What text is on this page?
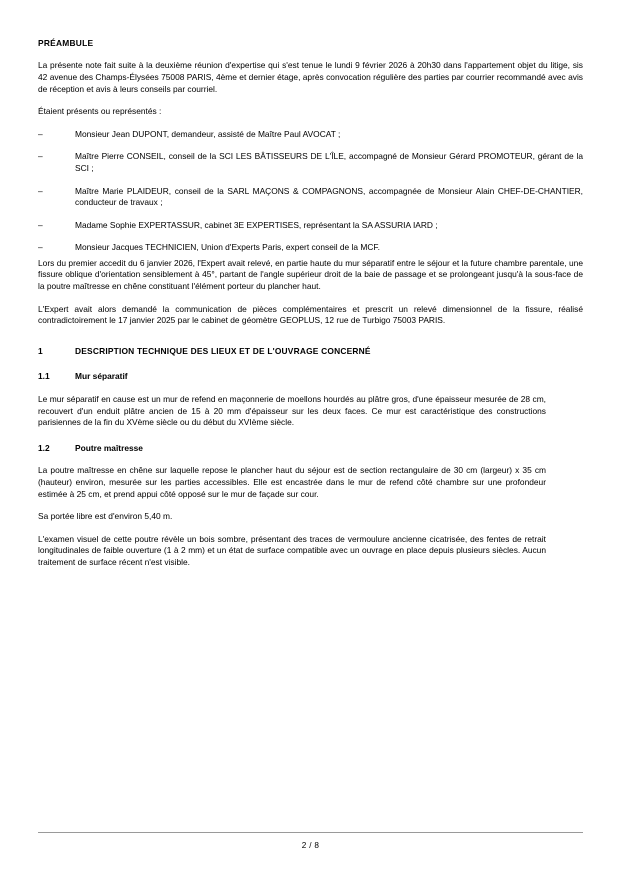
PRÉAMBULE

La présente note fait suite à la deuxième réunion d'expertise qui s'est tenue le lundi 9 février 2026 à 20h30 dans l'appartement objet du litige, sis 42 avenue des Champs-Élysées 75008 PARIS, 4ème et dernier étage, après convocation régulière des parties par courrier recommandé avec avis de réception et avis à leurs conseils par courriel.

Étaient présents ou représentés :

–	Monsieur Jean DUPONT, demandeur, assisté de Maître Paul AVOCAT ;
–	Maître Pierre CONSEIL, conseil de la SCI LES BÂTISSEURS DE L'ÎLE, accompagné de Monsieur Gérard PROMOTEUR, gérant de la SCI ;
–	Maître Marie PLAIDEUR, conseil de la SARL MAÇONS & COMPAGNONS, accompagnée de Monsieur Alain CHEF-DE-CHANTIER, conducteur de travaux ;
–	Madame Sophie EXPERTASSUR, cabinet 3E EXPERTISES, représentant la SA ASSURIA IARD ;
–	Monsieur Jacques TECHNICIEN, Union d'Experts Paris, expert conseil de la MCF.

Lors du premier accedit du 6 janvier 2026, l'Expert avait relevé, en partie haute du mur séparatif entre le séjour et la future chambre parentale, une fissure oblique d'orientation sensiblement à 45°, partant de l'angle supérieur droit de la baie de passage et se prolongeant jusqu'à la sous-face de la poutre maîtresse en chêne constituant l'élément porteur du plancher haut.

L'Expert avait alors demandé la communication de pièces complémentaires et prescrit un relevé dimensionnel de la fissure, réalisé contradictoirement le 17 janvier 2025 par le cabinet de géomètre GEOPLUS, 12 rue de Turbigo 75003 PARIS.

1	DESCRIPTION TECHNIQUE DES LIEUX ET DE L'OUVRAGE CONCERNÉ
1.1	Mur séparatif

Le mur séparatif en cause est un mur de refend en maçonnerie de moellons hourdés au plâtre gros, d'une épaisseur mesurée de 28 cm, recouvert d'un enduit plâtre ancien de 15 à 20 mm d'épaisseur sur les deux faces. Ce mur est caractéristique des constructions parisiennes de la fin du XVème siècle ou du début du XVIème siècle.

1.2	Poutre maîtresse

La poutre maîtresse en chêne sur laquelle repose le plancher haut du séjour est de section rectangulaire de 30 cm (largeur) x 35 cm (hauteur) environ, mesurée sur les parties accessibles. Elle est encastrée dans le mur de refend côté chambre sur une profondeur estimée à 25 cm, et prend appui côté opposé sur le mur de façade sur cour.

Sa portée libre est d'environ 5,40 m.

L'examen visuel de cette poutre révèle un bois sombre, présentant des traces de vermoulure ancienne cicatrisée, des fentes de retrait longitudinales de faible ouverture (1 à 2 mm) et un état de surface compatible avec un ouvrage en place depuis plusieurs siècles. Aucun traitement de surface récent n'est visible.

2 / 8
